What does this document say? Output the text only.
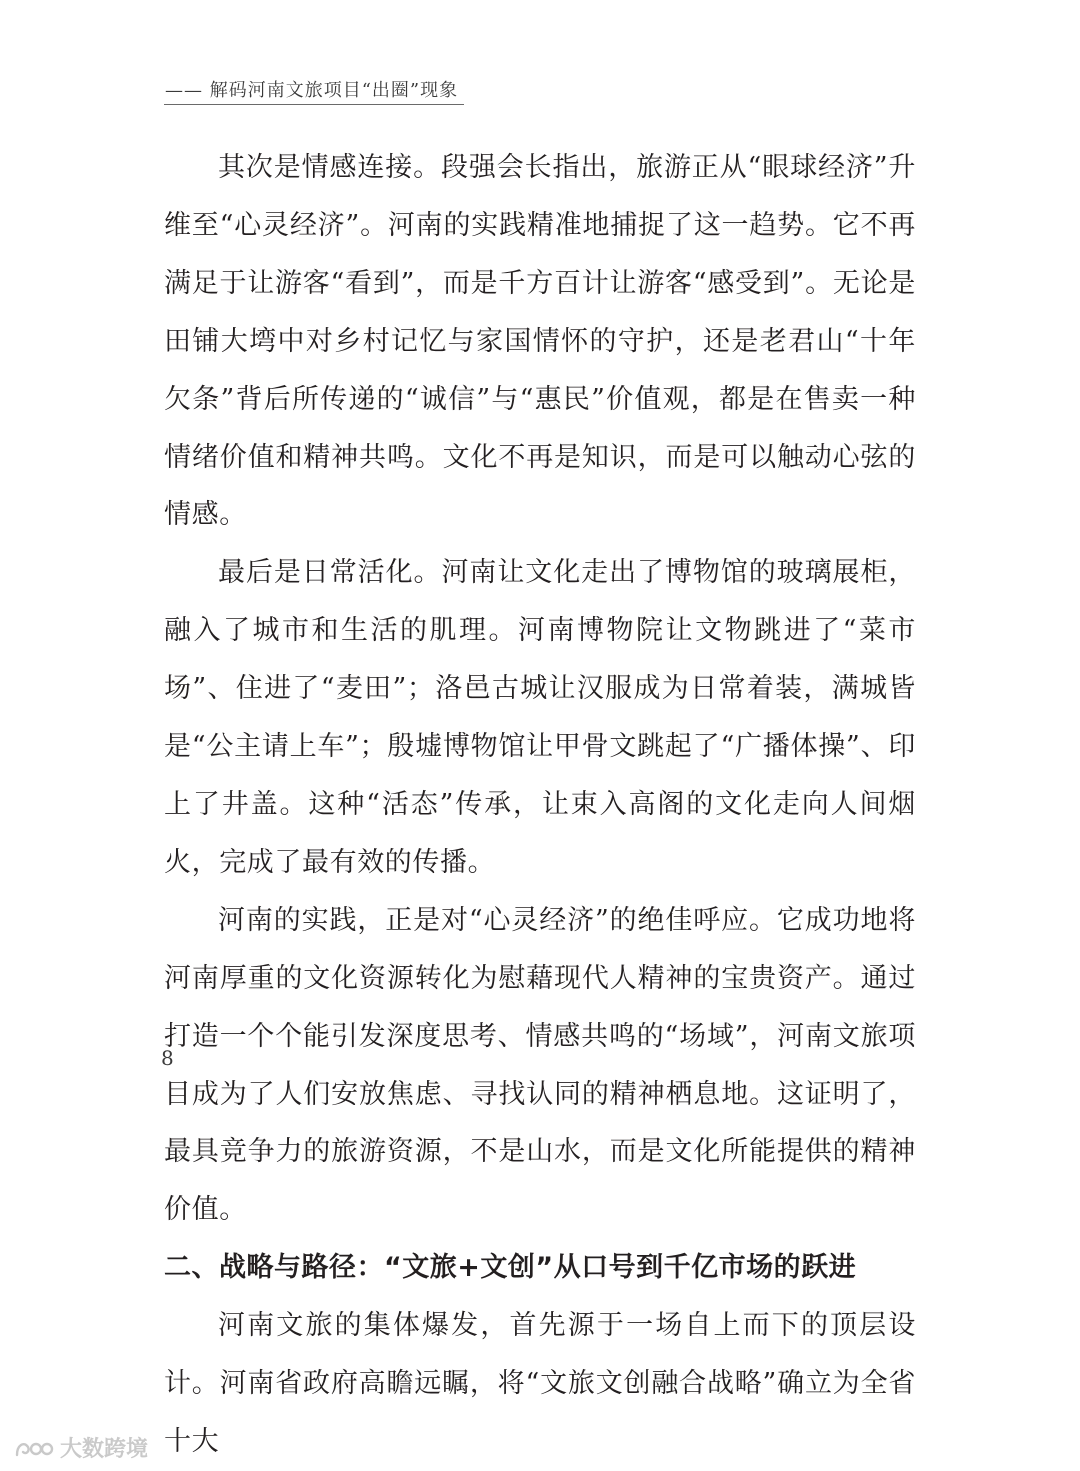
—— 解码河南文旅项目“出圈”现象

其次是情感连接。段强会长指出，旅游正从“眼球经济”升维至“心灵经济”。河南的实践精准地捕捉了这一趋势。它不再满足于让游客“看到”，而是千方百计让游客“感受到”。无论是田铺大塆中对乡村记忆与家国情怀的守护，还是老君山“十年欠条”背后所传递的“诚信”与“惠民”价值观，都是在售卖一种情绪价值和精神共鸣。文化不再是知识，而是可以触动心弦的情感。

最后是日常活化。河南让文化走出了博物馆的玻璃展柜，融入了城市和生活的肌理。河南博物院让文物跳进了“菜市场”、住进了“麦田”；洛邑古城让汉服成为日常着装，满城皆是“公主请上车”；殷墟博物馆让甲骨文跳起了“广播体操”、印上了井盖。这种“活态”传承，让束入高阁的文化走向人间烟火，完成了最有效的传播。

河南的实践，正是对“心灵经济”的绝佳呼应。它成功地将河南厚重的文化资源转化为慰藉现代人精神的宝贵资产。通过打造一个个能引发深度思考、情感共鸣的“场域”，河南文旅项目成为了人们安放焦虑、寻找认同的精神栖息地。这证明了，最具竞争力的旅游资源，不是山水，而是文化所能提供的精神价值。

二、战略与路径：“文旅+文创”从口号到千亿市场的跃进

河南文旅的集体爆发，首先源于一场自上而下的顶层设计。河南省政府高瞻远瞩，将“文旅文创融合战略”确立为全省十大

8
大数跨境
